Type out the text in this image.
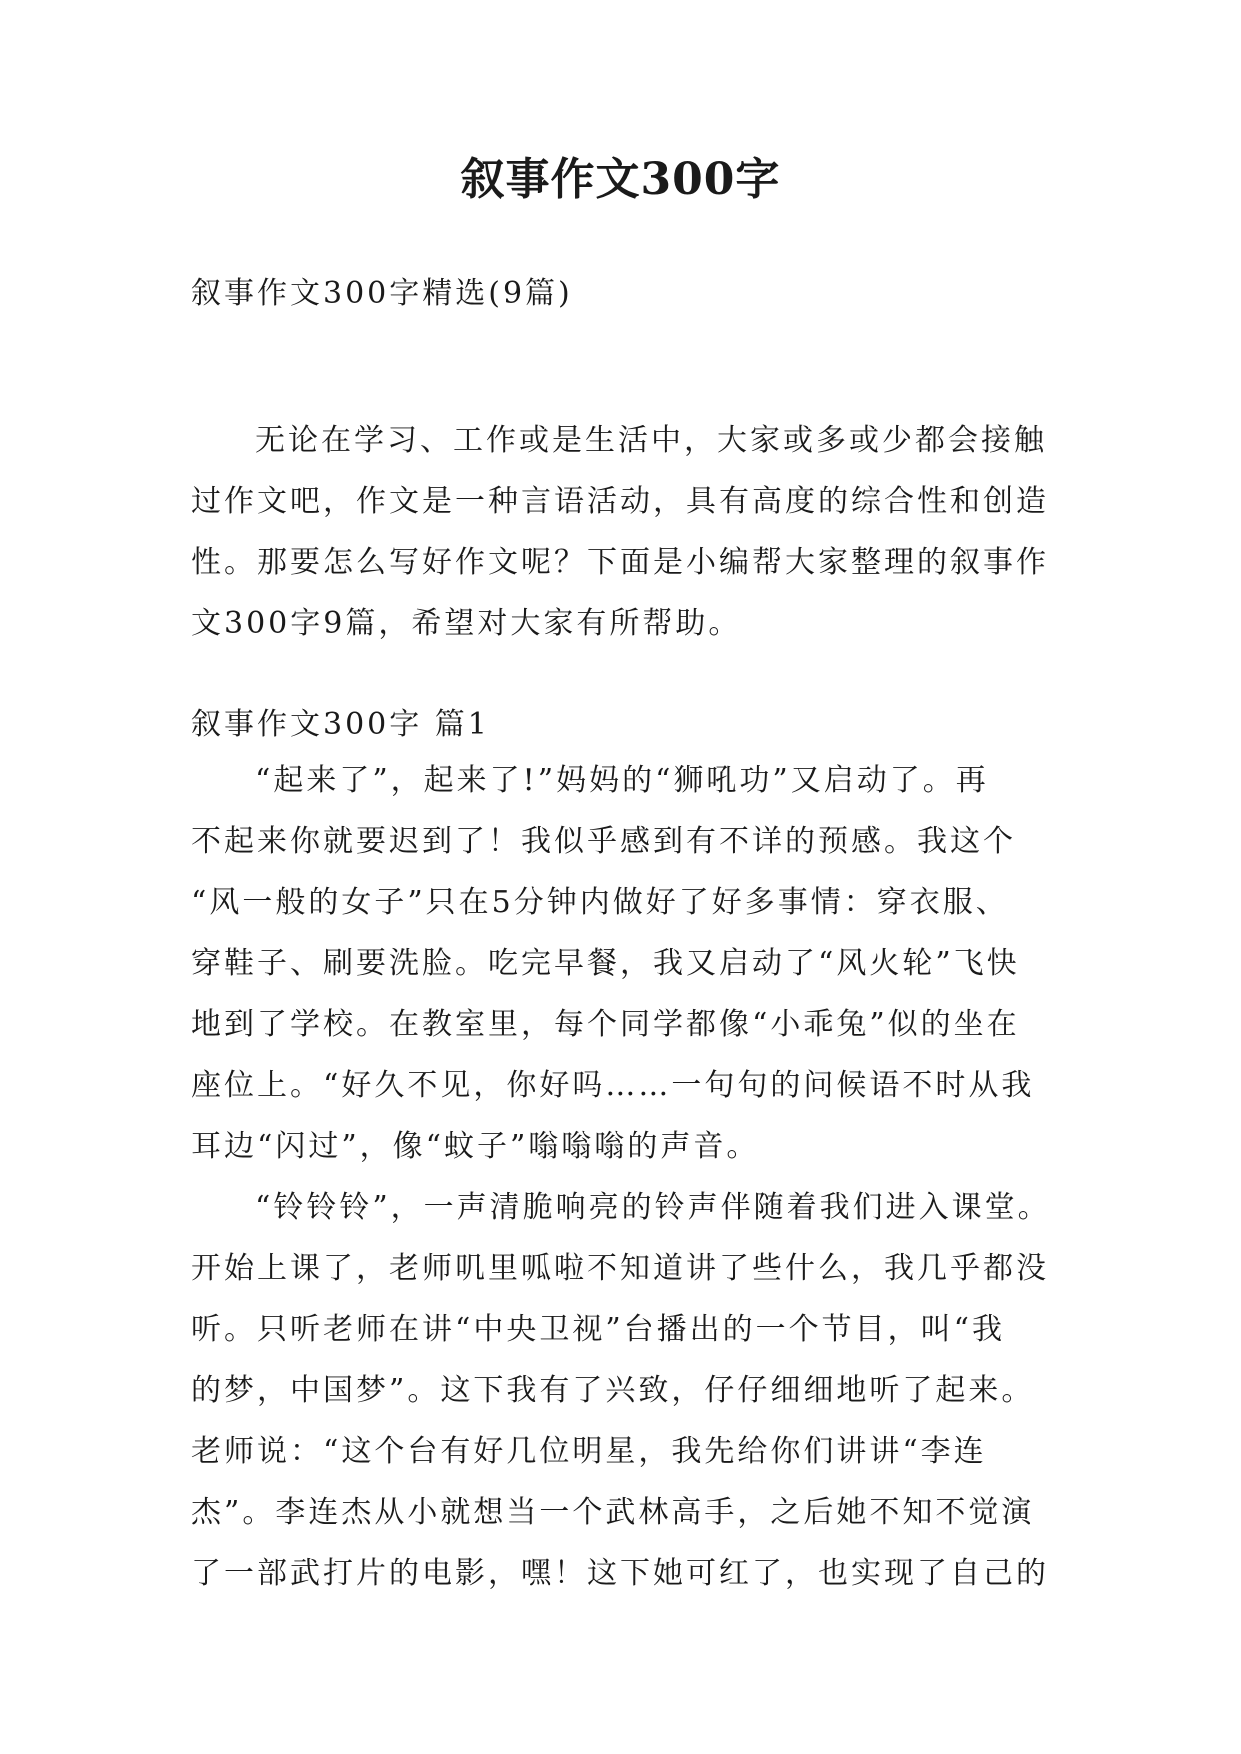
叙事作文300字
叙事作文300字精选(9篇)
无论在学习、工作或是生活中，大家或多或少都会接触
过作文吧，作文是一种言语活动，具有高度的综合性和创造
性。那要怎么写好作文呢？下面是小编帮大家整理的叙事作
文300字9篇，希望对大家有所帮助。
叙事作文300字 篇1

“起来了”，起来了!”妈妈的“狮吼功”又启动了。再
不起来你就要迟到了！我似乎感到有不详的预感。我这个
“风一般的女子”只在5分钟内做好了好多事情：穿衣服、
穿鞋子、刷要洗脸。吃完早餐，我又启动了“风火轮”飞快
地到了学校。在教室里，每个同学都像“小乖兔”似的坐在
座位上。“好久不见，你好吗……一句句的问候语不时从我
耳边“闪过”，像“蚊子”嗡嗡嗡的声音。

“铃铃铃”，一声清脆响亮的铃声伴随着我们进入课堂。
开始上课了，老师叽里呱啦不知道讲了些什么，我几乎都没
听。只听老师在讲“中央卫视”台播出的一个节目，叫“我
的梦，中国梦”。这下我有了兴致，仔仔细细地听了起来。
老师说：“这个台有好几位明星，我先给你们讲讲“李连
杰”。李连杰从小就想当一个武林高手，之后她不知不觉演
了一部武打片的电影，嘿！这下她可红了，也实现了自己的
